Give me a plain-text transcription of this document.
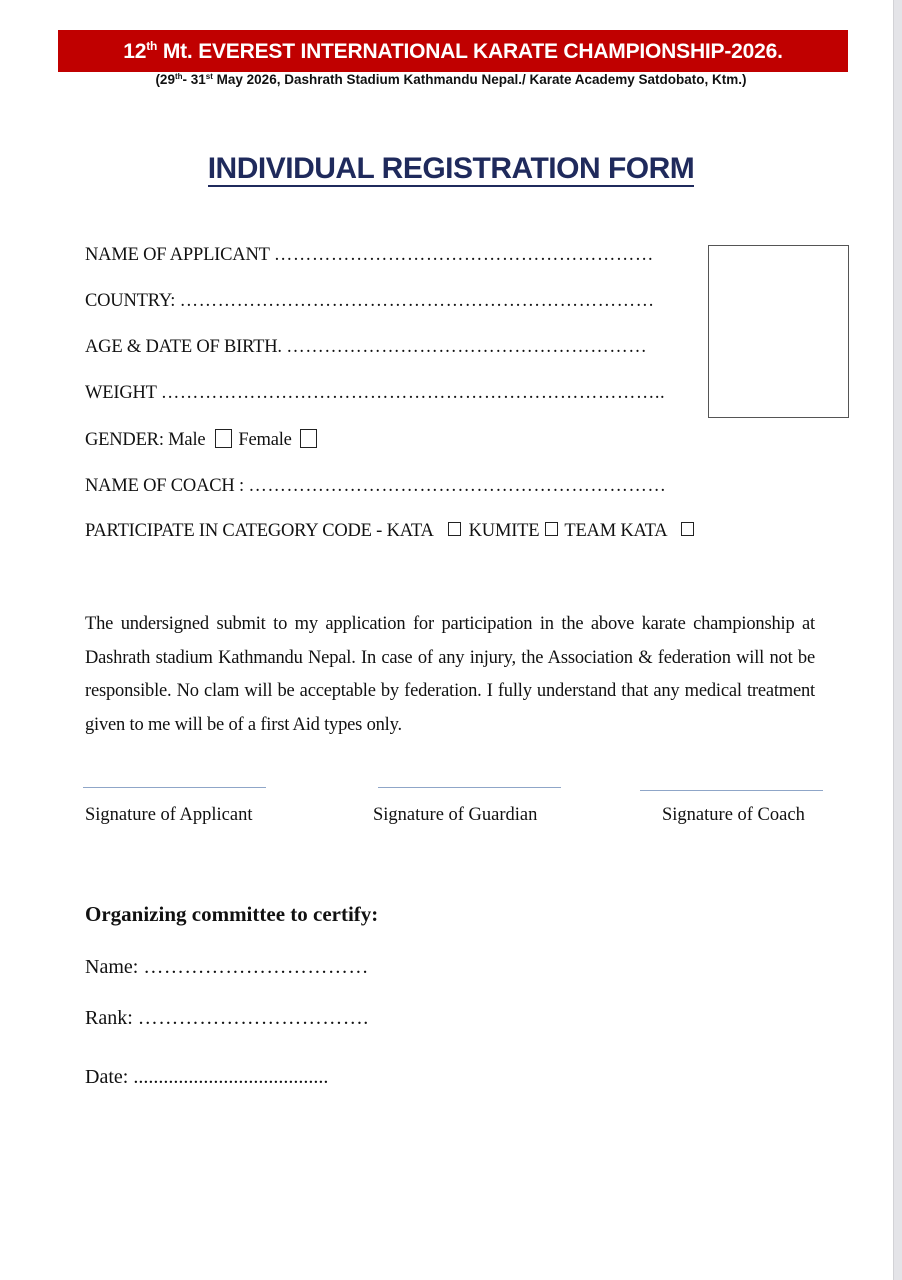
12th Mt. EVEREST INTERNATIONAL KARATE CHAMPIONSHIP-2026.
(29th- 31st May 2026, Dashrath Stadium Kathmandu Nepal./ Karate Academy Satdobato, Ktm.)
INDIVIDUAL REGISTRATION FORM
NAME OF APPLICANT ……………………………………………………
COUNTRY: …………………………………………………………………
AGE & DATE OF BIRTH. …………………………………………………
WEIGHT ……………………………………………………………………..
GENDER: Male Female
NAME OF COACH : …………………………………………………………
PARTICIPATE IN CATEGORY CODE - KATA KUMITE TEAM KATA
The undersigned submit to my application for participation in the above karate championship at Dashrath stadium Kathmandu Nepal. In case of any injury, the Association & federation will not be responsible. No clam will be acceptable by federation. I fully understand that any medical treatment given to me will be of a first Aid types only.
Signature of Applicant	Signature of Guardian	Signature of Coach
Organizing committee to certify:
Name: ……………………………
Rank: …………………………….
Date: .......................................
